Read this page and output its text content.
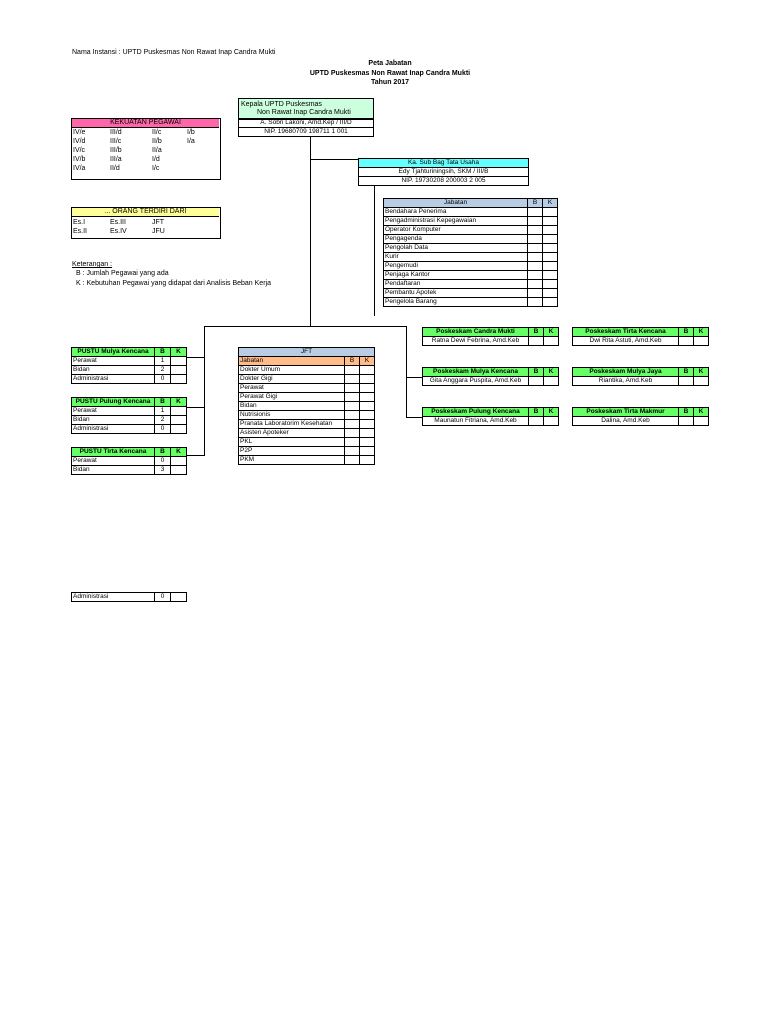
Nama Instansi : UPTD Puskesmas Non Rawat Inap Candra Mukti
Peta Jabatan
UPTD Puskesmas Non Rawat Inap Candra Mukti
Tahun 2017
Kepala UPTD Puskesmas
Non Rawat Inap Candra Mukti
A. Sobri Lakoni, Amd.Kep / III/D
NIP. 19680709 198711 1 001
KEKUATAN PEGAWAI
IV/e	III/d	II/c	I/b
IV/d	III/c	II/b	I/a
IV/c	III/b	II/a
IV/b	III/a	I/d
IV/a	II/d	I/c
... ORANG TERDIRI DARI
Es.I	Es.III	JFT
Es.II	Es.IV	JFU
Keterangan :
B : Jumlah Pegawai yang ada
K : Kebutuhan Pegawai yang didapat dari Analisis Beban Kerja
Ka. Sub Bag Tata Usaha
Edy Tjahturiningsih, SKM / III/B
NIP. 19730208 200003 2 005
Jabatan	B	K
Bendahara Penerima		
Pengadministrasi Kepegawaian		
Operator Komputer		
Pengagenda		
Pengolah Data		
Kurir		
Pengemudi		
Penjaga Kantor		
Pendaftaran		
Pembantu Apotek		
Pengelola Barang		
JFT		
Jabatan	B	K
Dokter Umum		
Dokter Gigi		
Perawat		
Perawat Gigi		
Bidan		
Nutrisionis		
Pranata Laboratorim Kesehatan		
Asisten Apoteker		
PKL		
P2P		
PKM		
PUSTU Mulya Kencana	B	K
Perawat	1	
Bidan	2	
Administrasi	0	
PUSTU Pulung Kencana	B	K
Perawat	1	
Bidan	2	
Administrasi	0	
PUSTU Tirta Kencana	B	K
Perawat	0	
Bidan	3	
Poskeskam Candra Mukti	B	K
Ratna Dewi Febrina, Amd.Keb		
Poskeskam Tirta Kencana	B	K
Dwi Rita Astuti, Amd.Keb		
Poskeskam Mulya Kencana	B	K
Gita Anggara Puspita, Amd.Keb		
Poskeskam Mulya Jaya	B	K
Riantika, Amd.Keb		
Poskeskam Pulung Kencana	B	K
Maunatun Fitriana, Amd.Keb		
Poskeskam Tirta Makmur	B	K
Dalina, Amd.Keb		
Administrasi	0	
